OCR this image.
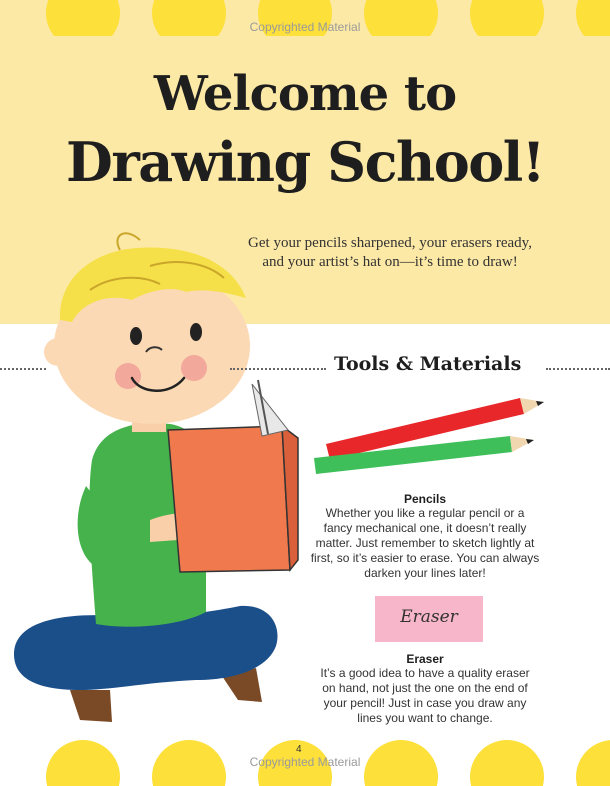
Copyrighted Material
Welcome to
Drawing School!
Get your pencils sharpened, your erasers ready,
and your artist’s hat on—it’s time to draw!
Tools & Materials
Pencils
Whether you like a regular pencil or a
fancy mechanical one, it doesn’t really
matter. Just remember to sketch lightly at
first, so it’s easier to erase. You can always
darken your lines later!
Eraser
Eraser
It’s a good idea to have a quality eraser
on hand, not just the one on the end of
your pencil! Just in case you draw any
lines you want to change.
4
Copyrighted Material
